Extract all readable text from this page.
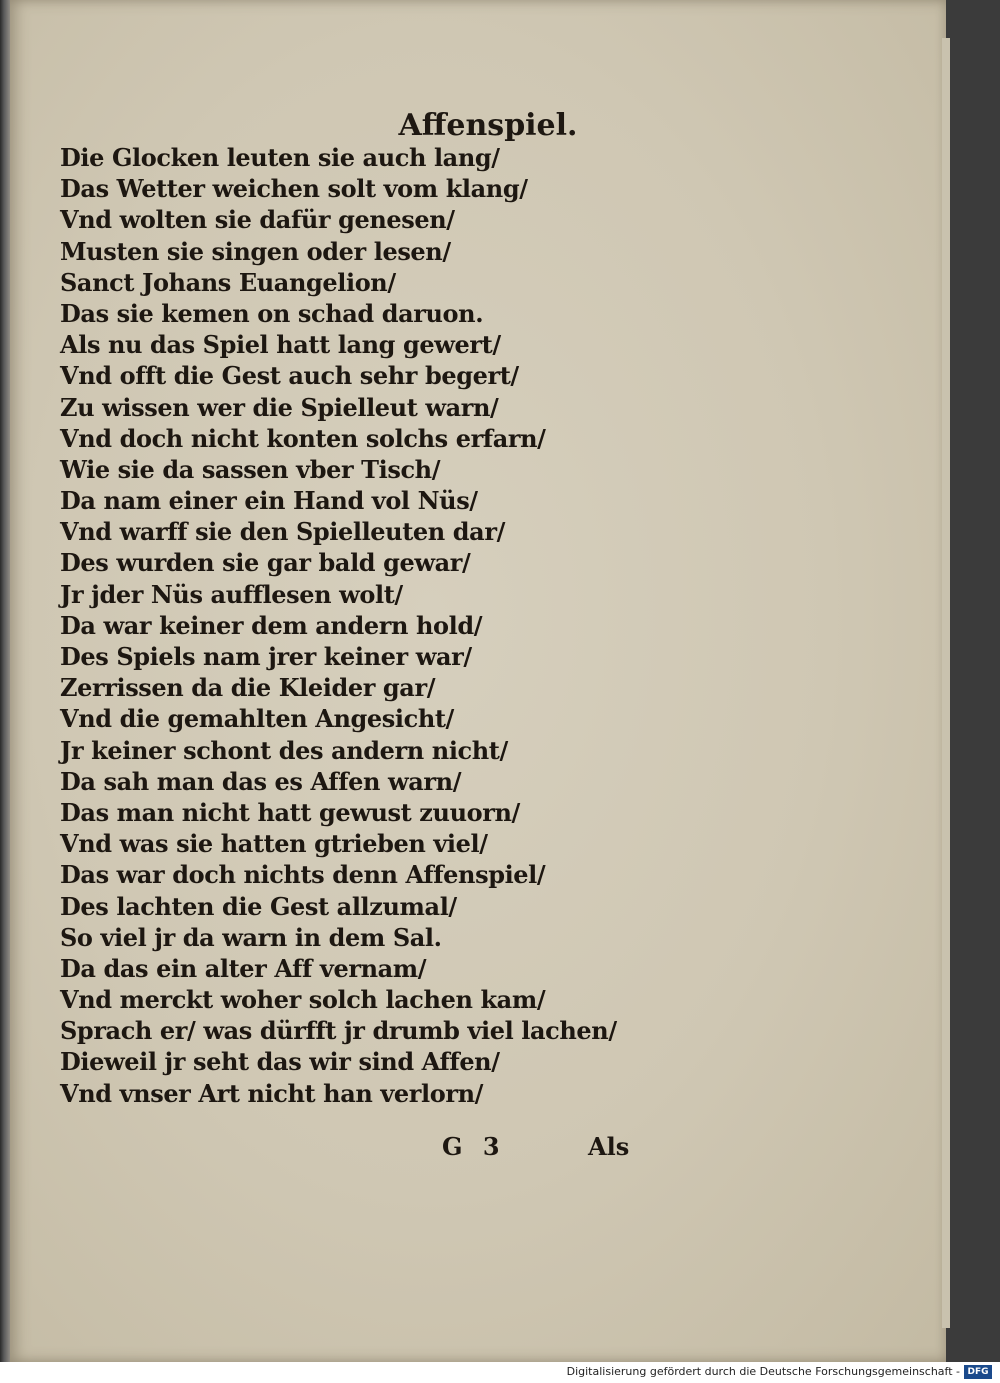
Affenspiel.
Die Glocken leuten sie auch lang/
Das Wetter weichen solt vom klang/
Vnd wolten sie dafür genesen/
Musten sie singen oder lesen/
Sanct Johans Euangelion/
Das sie kemen on schad daruon.
Als nu das Spiel hatt lang gewert/
Vnd offt die Gest auch sehr begert/
Zu wissen wer die Spielleut warn/
Vnd doch nicht konten solchs erfarn/
Wie sie da sassen vber Tisch/
Da nam einer ein Hand vol Nüs/
Vnd warff sie den Spielleuten dar/
Des wurden sie gar bald gewar/
Jr jder Nüs aufflesen wolt/
Da war keiner dem andern hold/
Des Spiels nam jrer keiner war/
Zerrissen da die Kleider gar/
Vnd die gemahlten Angesicht/
Jr keiner schont des andern nicht/
Da sah man das es Affen warn/
Das man nicht hatt gewust zuuorn/
Vnd was sie hatten gtrieben viel/
Das war doch nichts denn Affenspiel/
Des lachten die Gest allzumal/
So viel jr da warn in dem Sal.
Da das ein alter Aff vernam/
Vnd merckt woher solch lachen kam/
Sprach er/ was dürfft jr drumb viel lachen/
Dieweil jr seht das wir sind Affen/
Vnd vnser Art nicht han verlorn/
G 3	Als
Digitalisierung gefördert durch die Deutsche Forschungsgemeinschaft - DFG
